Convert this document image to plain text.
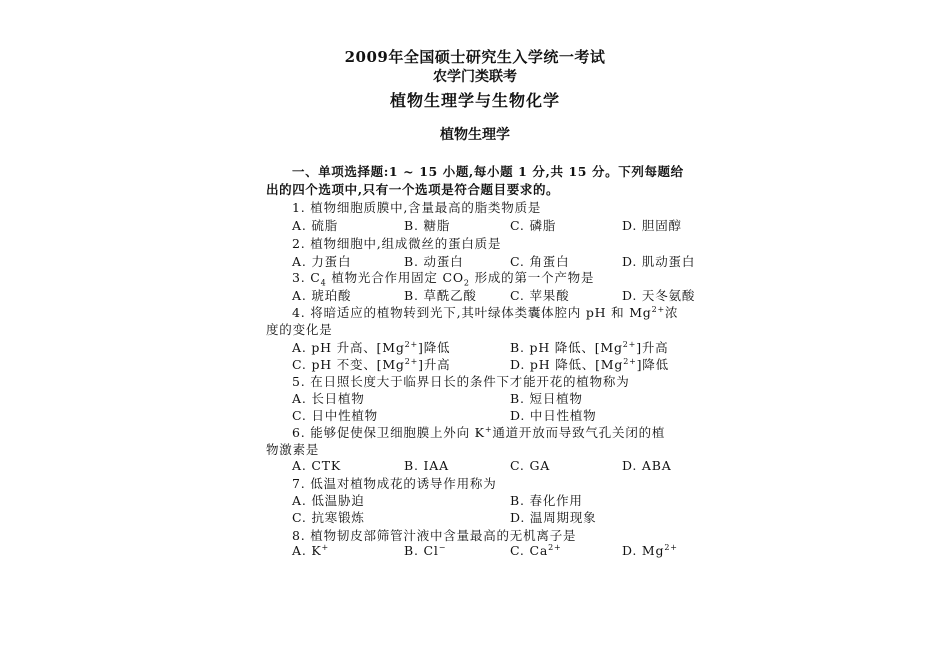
2009年全国硕士研究生入学统一考试
农学门类联考
植物生理学与生物化学
植物生理学
一、单项选择题:1 ~ 15 小题,每小题 1 分,共 15 分。下列每题给
出的四个选项中,只有一个选项是符合题目要求的。
1. 植物细胞质膜中,含量最高的脂类物质是
A. 硫脂	B. 糖脂	C. 磷脂	D. 胆固醇
2. 植物细胞中,组成微丝的蛋白质是
A. 力蛋白	B. 动蛋白	C. 角蛋白	D. 肌动蛋白
3. $C_4$ 植物光合作用固定 $CO_2$ 形成的第一个产物是
A. 琥珀酸	B. 草酰乙酸	C. 苹果酸	D. 天冬氨酸
4. 将暗适应的植物转到光下,其叶绿体类囊体腔内 pH 和 $Mg^{2+}$浓
度的变化是
A. pH 升高、$[Mg^{2+}]$降低	B. pH 降低、$[Mg^{2+}]$升高
C. pH 不变、$[Mg^{2+}]$升高	D. pH 降低、$[Mg^{2+}]$降低
5. 在日照长度大于临界日长的条件下才能开花的植物称为
A. 长日植物	B. 短日植物
C. 日中性植物	D. 中日性植物
6. 能够促使保卫细胞膜上外向 K+通道开放而导致气孔关闭的植
物激素是
A. CTK	B. IAA	C. GA	D. ABA
7. 低温对植物成花的诱导作用称为
A. 低温胁迫	B. 春化作用
C. 抗寒锻炼	D. 温周期现象
8. 植物韧皮部筛管汁液中含量最高的无机离子是
A. K+	B. Cl−	C. $Ca^{2+}$	D. $Mg^{2+}$
